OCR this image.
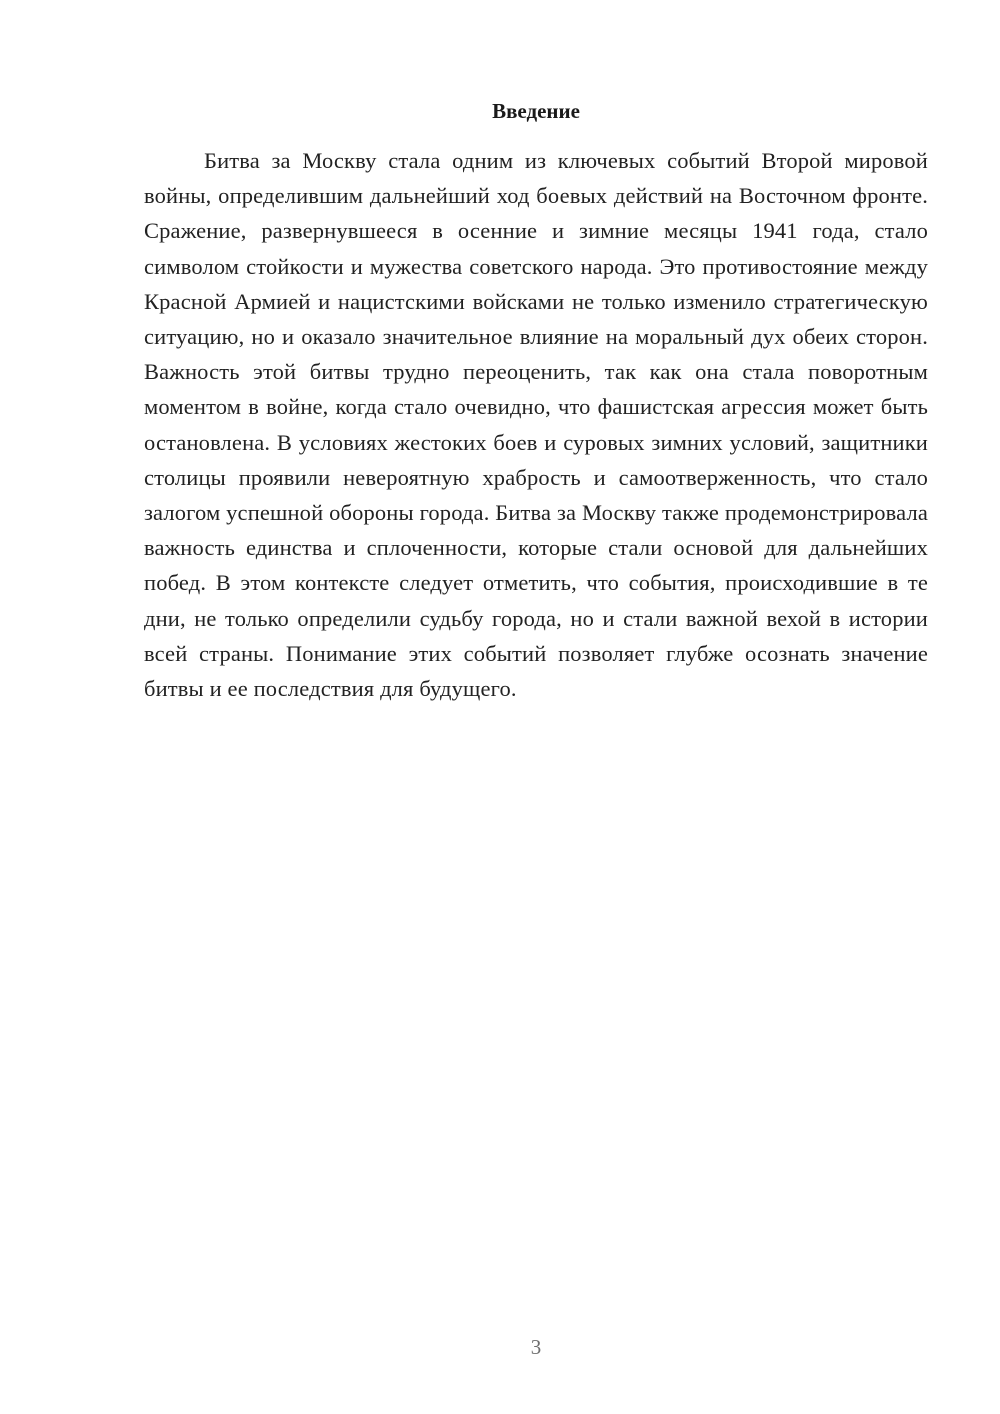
Введение

Битва за Москву стала одним из ключевых событий Второй мировой войны, определившим дальнейший ход боевых действий на Восточном фронте. Сражение, развернувшееся в осенние и зимние месяцы 1941 года, стало символом стойкости и мужества советского народа. Это противостояние между Красной Армией и нацистскими войсками не только изменило стратегическую ситуацию, но и оказало значительное влияние на моральный дух обеих сторон. Важность этой битвы трудно переоценить, так как она стала поворотным моментом в войне, когда стало очевидно, что фашистская агрессия может быть остановлена. В условиях жестоких боев и суровых зимних условий, защитники столицы проявили невероятную храбрость и самоотверженность, что стало залогом успешной обороны города. Битва за Москву также продемонстрировала важность единства и сплоченности, которые стали основой для дальнейших побед. В этом контексте следует отметить, что события, происходившие в те дни, не только определили судьбу города, но и стали важной вехой в истории всей страны. Понимание этих событий позволяет глубже осознать значение битвы и ее последствия для будущего.

3
